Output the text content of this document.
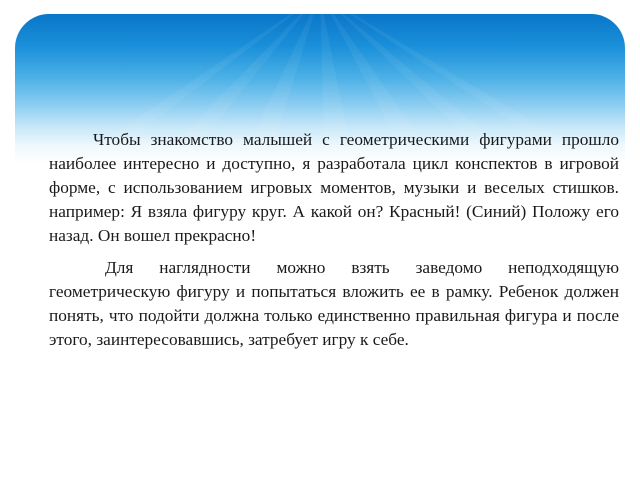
Чтобы знакомство малышей с геометрическими фигурами прошло наиболее интересно и доступно, я разработала цикл конспектов в игровой форме, с использованием игровых моментов, музыки и веселых стишков. например: Я взяла фигуру круг. А какой он? Красный! (Синий) Положу его назад. Он вошел прекрасно!

Для наглядности можно взять заведомо неподходящую геометрическую фигуру и попытаться вложить ее в рамку. Ребенок должен понять, что подойти должна только единственно правильная фигура и после этого, заинтересовавшись, затребует игру к себе.
